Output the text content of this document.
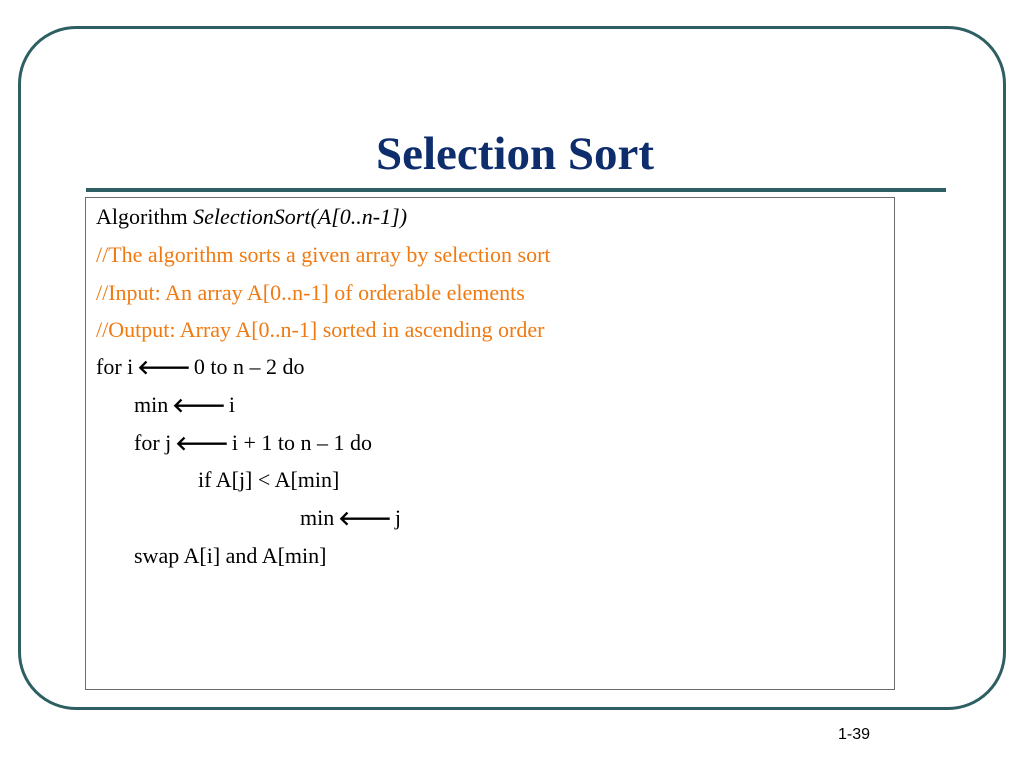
Selection Sort
Algorithm SelectionSort(A[0..n-1])
//The algorithm sorts a given array by selection sort
//Input: An array A[0..n-1] of orderable elements
//Output: Array A[0..n-1] sorted in ascending order
for i 🡐 0 to n – 2 do
min 🡐 i
for j 🡐 i + 1 to n – 1 do
if A[j] < A[min]
min 🡐 j
swap A[i] and A[min]
1-39
